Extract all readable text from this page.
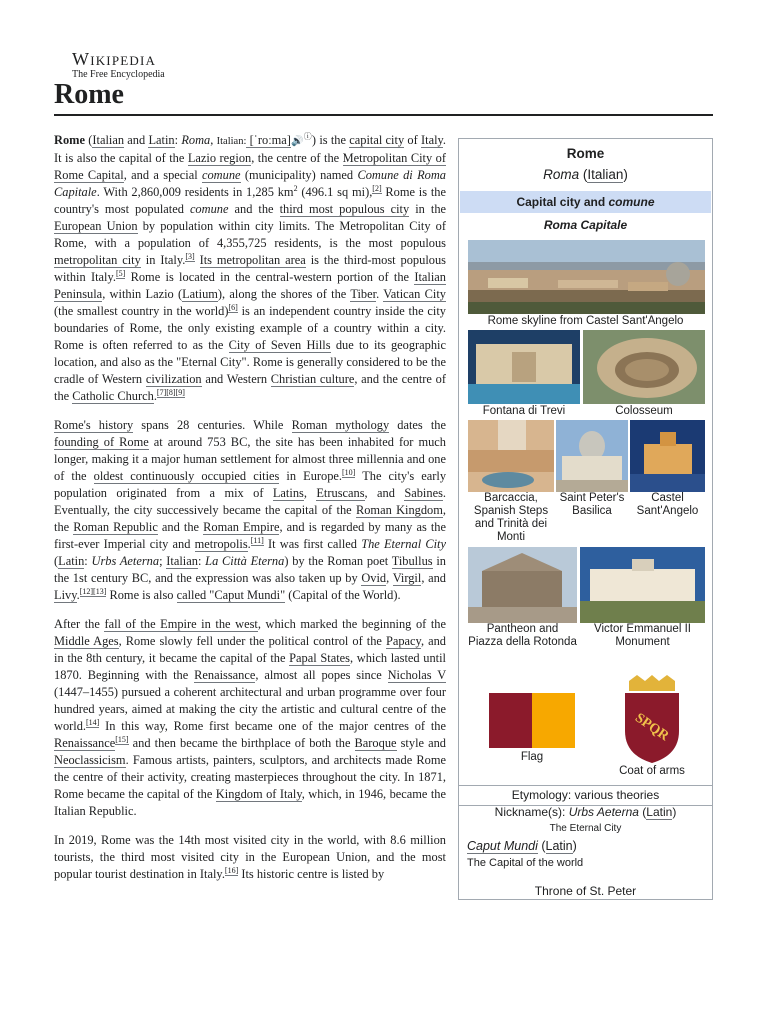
Wikipedia
The Free Encyclopedia
Rome

Rome (Italian and Latin: Roma, Italian: [ˈroːma]🔊ⓘ) is the capital city of Italy. It is also the capital of the Lazio region, the centre of the Metropolitan City of Rome Capital, and a special comune (municipality) named Comune di Roma Capitale. With 2,860,009 residents in 1,285 $km^2$ (496.1 sq mi),[2] Rome is the country's most populated comune and the third most populous city in the European Union by population within city limits. The Metropolitan City of Rome, with a population of 4,355,725 residents, is the most populous metropolitan city in Italy.[3] Its metropolitan area is the third-most populous within Italy.[5] Rome is located in the central-western portion of the Italian Peninsula, within Lazio (Latium), along the shores of the Tiber. Vatican City (the smallest country in the world)[6] is an independent country inside the city boundaries of Rome, the only existing example of a country within a city. Rome is often referred to as the City of Seven Hills due to its geographic location, and also as the "Eternal City". Rome is generally considered to be the cradle of Western civilization and Western Christian culture, and the centre of the Catholic Church.[7][8][9]

Rome's history spans 28 centuries. While Roman mythology dates the founding of Rome at around 753 BC, the site has been inhabited for much longer, making it a major human settlement for almost three millennia and one of the oldest continuously occupied cities in Europe.[10] The city's early population originated from a mix of Latins, Etruscans, and Sabines. Eventually, the city successively became the capital of the Roman Kingdom, the Roman Republic and the Roman Empire, and is regarded by many as the first-ever Imperial city and metropolis.[11] It was first called The Eternal City (Latin: Urbs Aeterna; Italian: La Città Eterna) by the Roman poet Tibullus in the 1st century BC, and the expression was also taken up by Ovid, Virgil, and Livy.[12][13] Rome is also called "Caput Mundi" (Capital of the World).

After the fall of the Empire in the west, which marked the beginning of the Middle Ages, Rome slowly fell under the political control of the Papacy, and in the 8th century, it became the capital of the Papal States, which lasted until 1870. Beginning with the Renaissance, almost all popes since Nicholas V (1447–1455) pursued a coherent architectural and urban programme over four hundred years, aimed at making the city the artistic and cultural centre of the world.[14] In this way, Rome first became one of the major centres of the Renaissance[15] and then became the birthplace of both the Baroque style and Neoclassicism. Famous artists, painters, sculptors, and architects made Rome the centre of their activity, creating masterpieces throughout the city. In 1871, Rome became the capital of the Kingdom of Italy, which, in 1946, became the Italian Republic.

In 2019, Rome was the 14th most visited city in the world, with 8.6 million tourists, the third most visited city in the European Union, and the most popular tourist destination in Italy.[16] Its historic centre is listed by

Rome
Roma (Italian)
Capital city and comune
Roma Capitale
Rome skyline from Castel Sant'Angelo
Fontana di Trevi	Colosseum
Barcaccia, Spanish Steps and Trinità dei Monti
Saint Peter's Basilica
Castel Sant'Angelo
Pantheon and Piazza della Rotonda
Victor Emmanuel II Monument
Flag
SPQR
Coat of arms
Etymology: various theories
Nickname(s): Urbs Aeterna (Latin)
The Eternal City
Caput Mundi (Latin)
The Capital of the world
Throne of St. Peter
